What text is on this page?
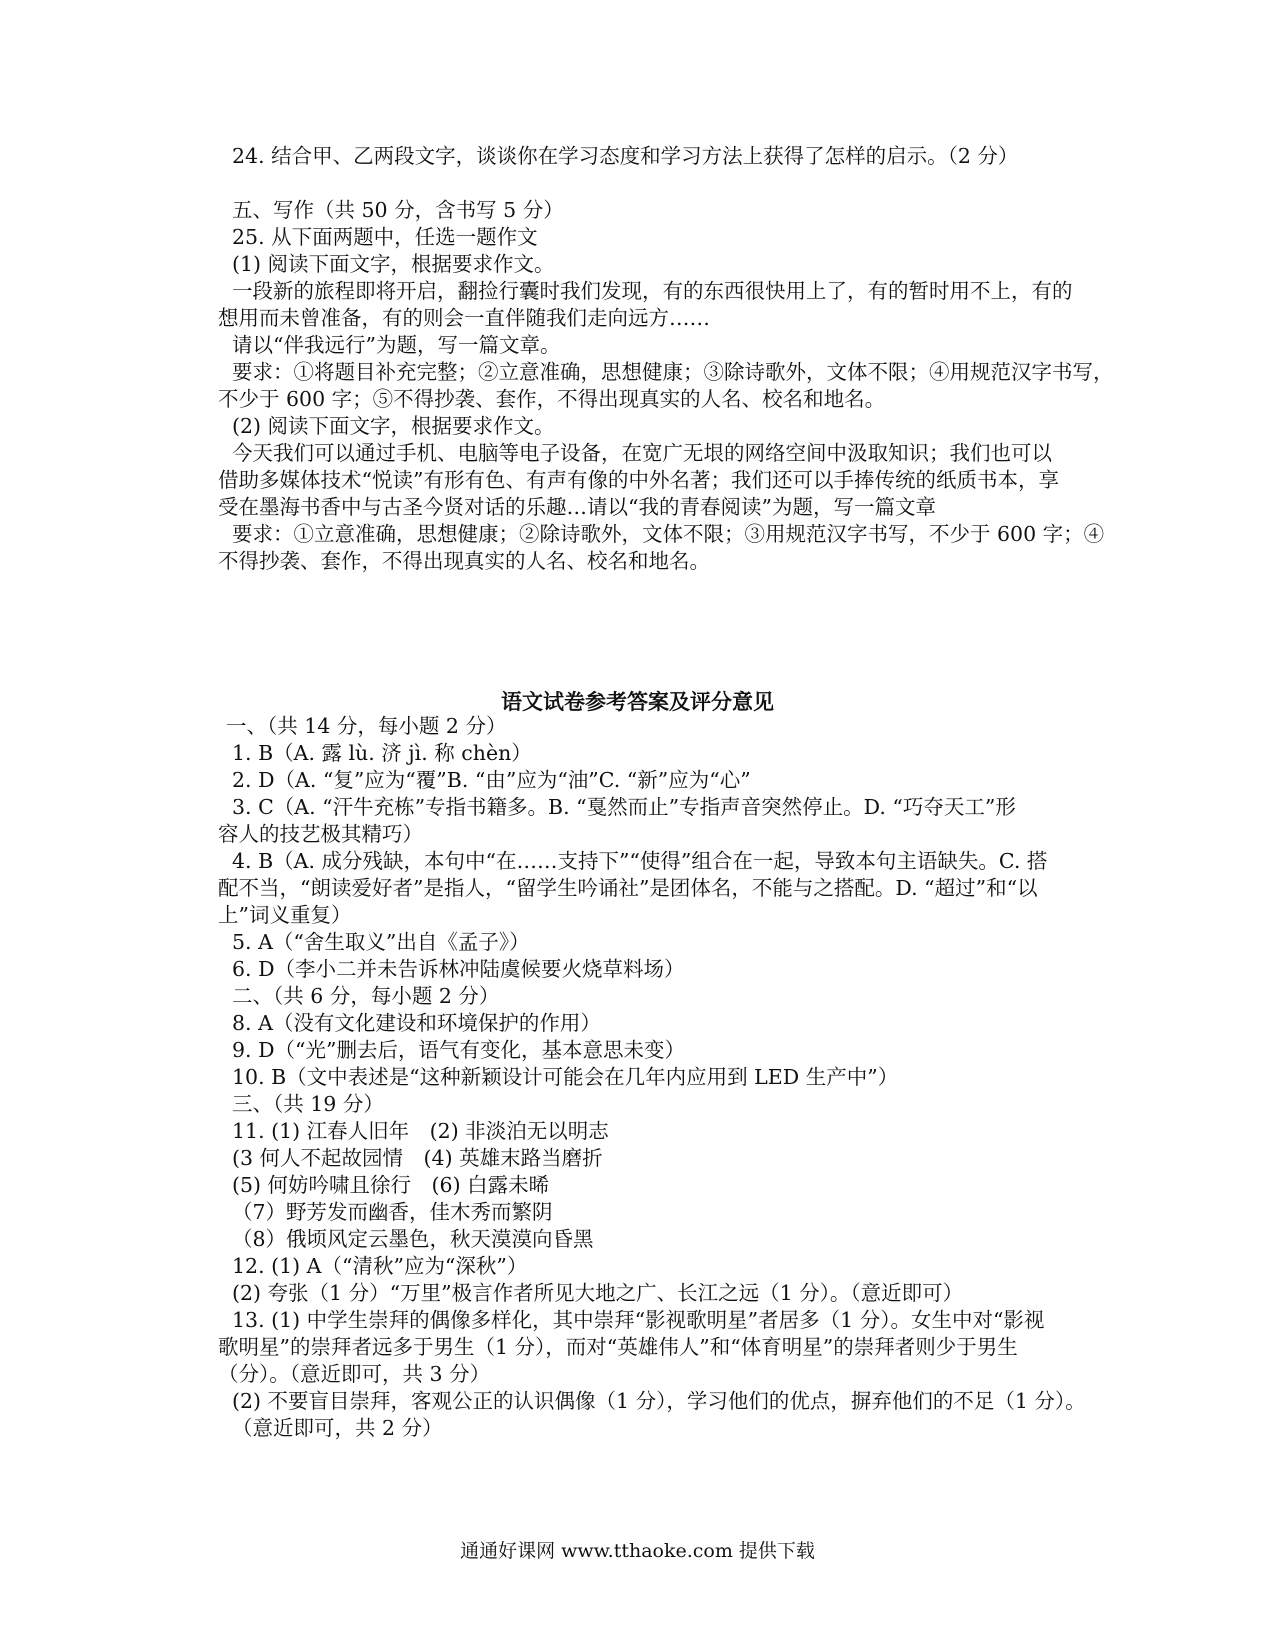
24. 结合甲、乙两段文字，谈谈你在学习态度和学习方法上获得了怎样的启示。（2 分）
五、写作（共 50 分，含书写 5 分）
25. 从下面两题中，任选一题作文
(1) 阅读下面文字，根据要求作文。
一段新的旅程即将开启，翻捡行囊时我们发现，有的东西很快用上了，有的暂时用不上，有的
想用而未曾准备，有的则会一直伴随我们走向远方……
请以“伴我远行”为题，写一篇文章。
要求：①将题目补充完整；②立意准确，思想健康；③除诗歌外，文体不限；④用规范汉字书写，
不少于 600 字；⑤不得抄袭、套作，不得出现真实的人名、校名和地名。
(2) 阅读下面文字，根据要求作文。
今天我们可以通过手机、电脑等电子设备，在宽广无垠的网络空间中汲取知识；我们也可以
借助多媒体技术“悦读”有形有色、有声有像的中外名著；我们还可以手捧传统的纸质书本，享
受在墨海书香中与古圣今贤对话的乐趣…请以“我的青春阅读”为题，写一篇文章
要求：①立意准确，思想健康；②除诗歌外，文体不限；③用规范汉字书写，不少于 600 字；④
不得抄袭、套作，不得出现真实的人名、校名和地名。
语文试卷参考答案及评分意见
一、（共 14 分，每小题 2 分）
1. B（A. 露 lù. 济 jì. 称 chèn）
2. D（A. “复”应为“覆”B. “由”应为“油”C. “新”应为“心”
3. C（A. “汗牛充栋”专指书籍多。B. “戛然而止”专指声音突然停止。D. “巧夺天工”形
容人的技艺极其精巧）
4. B（A. 成分残缺，本句中“在……支持下”“使得”组合在一起，导致本句主语缺失。C. 搭
配不当，“朗读爱好者”是指人，“留学生吟诵社”是团体名，不能与之搭配。D. “超过”和“以
上”词义重复）
5. A（“舍生取义”出自《孟子》）
6. D（李小二并未告诉林冲陆虞候要火烧草料场）
二、（共 6 分，每小题 2 分）
8. A（没有文化建设和环境保护的作用）
9. D（“光”删去后，语气有变化，基本意思未变）
10. B（文中表述是“这种新颖设计可能会在几年内应用到 LED 生产中”）
三、（共 19 分）
11. (1) 江春人旧年　(2) 非淡泊无以明志
(3 何人不起故园情　(4) 英雄末路当磨折
(5) 何妨吟啸且徐行　(6) 白露未晞
（7）野芳发而幽香，佳木秀而繁阴
（8）俄顷风定云墨色，秋天漠漠向昏黑
12. (1) A（“清秋”应为“深秋”）
(2) 夸张（1 分）“万里”极言作者所见大地之广、长江之远（1 分）。（意近即可）
13. (1) 中学生崇拜的偶像多样化，其中崇拜“影视歌明星”者居多（1 分）。女生中对“影视
歌明星”的崇拜者远多于男生（1 分），而对“英雄伟人”和“体育明星”的崇拜者则少于男生
（分）。（意近即可，共 3 分）
(2) 不要盲目崇拜，客观公正的认识偶像（1 分），学习他们的优点，摒弃他们的不足（1 分）。
（意近即可，共 2 分）
通通好课网 www.tthaoke.com 提供下载
